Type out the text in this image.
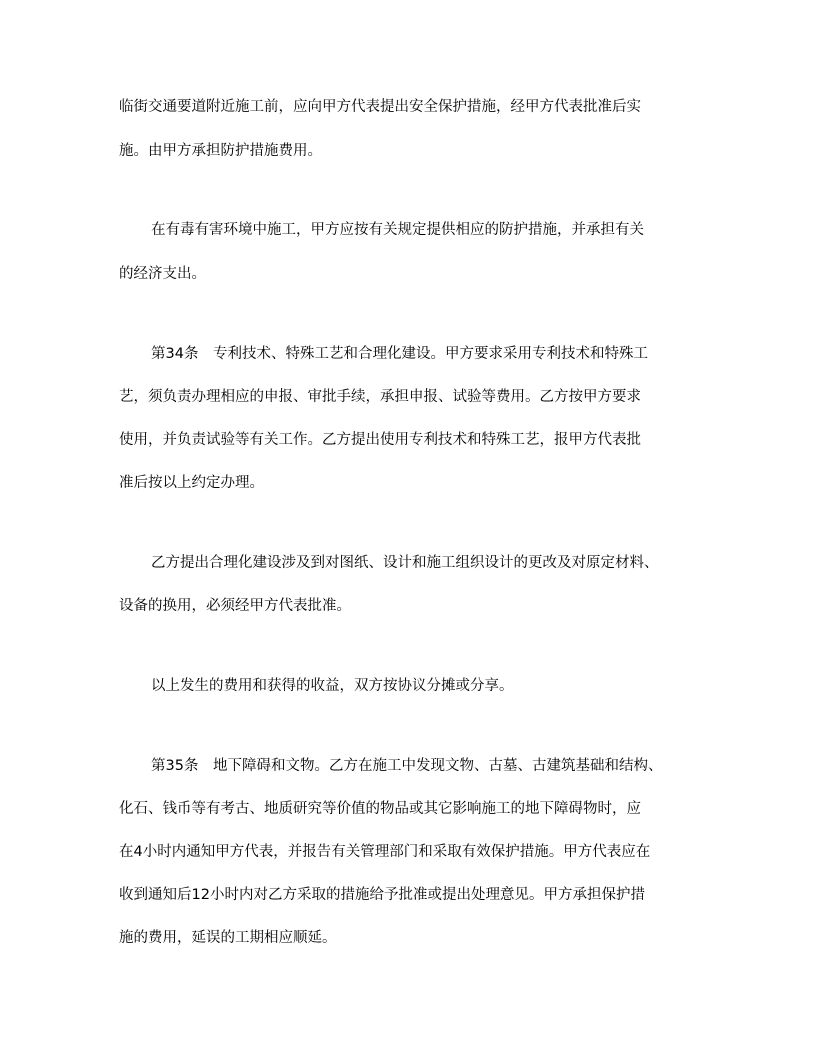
临街交通要道附近施工前，应向甲方代表提出安全保护措施，经甲方代表批准后实
施。由甲方承担防护措施费用。
在有毒有害环境中施工，甲方应按有关规定提供相应的防护措施，并承担有关
的经济支出。
第34条　专利技术、特殊工艺和合理化建设。甲方要求采用专利技术和特殊工
艺，须负责办理相应的申报、审批手续，承担申报、试验等费用。乙方按甲方要求
使用，并负责试验等有关工作。乙方提出使用专利技术和特殊工艺，报甲方代表批
准后按以上约定办理。
乙方提出合理化建设涉及到对图纸、设计和施工组织设计的更改及对原定材料、
设备的换用，必须经甲方代表批准。
以上发生的费用和获得的收益，双方按协议分摊或分享。
第35条　地下障碍和文物。乙方在施工中发现文物、古墓、古建筑基础和结构、
化石、钱币等有考古、地质研究等价值的物品或其它影响施工的地下障碍物时，应
在4小时内通知甲方代表，并报告有关管理部门和采取有效保护措施。甲方代表应在
收到通知后12小时内对乙方采取的措施给予批准或提出处理意见。甲方承担保护措
施的费用，延误的工期相应顺延。
